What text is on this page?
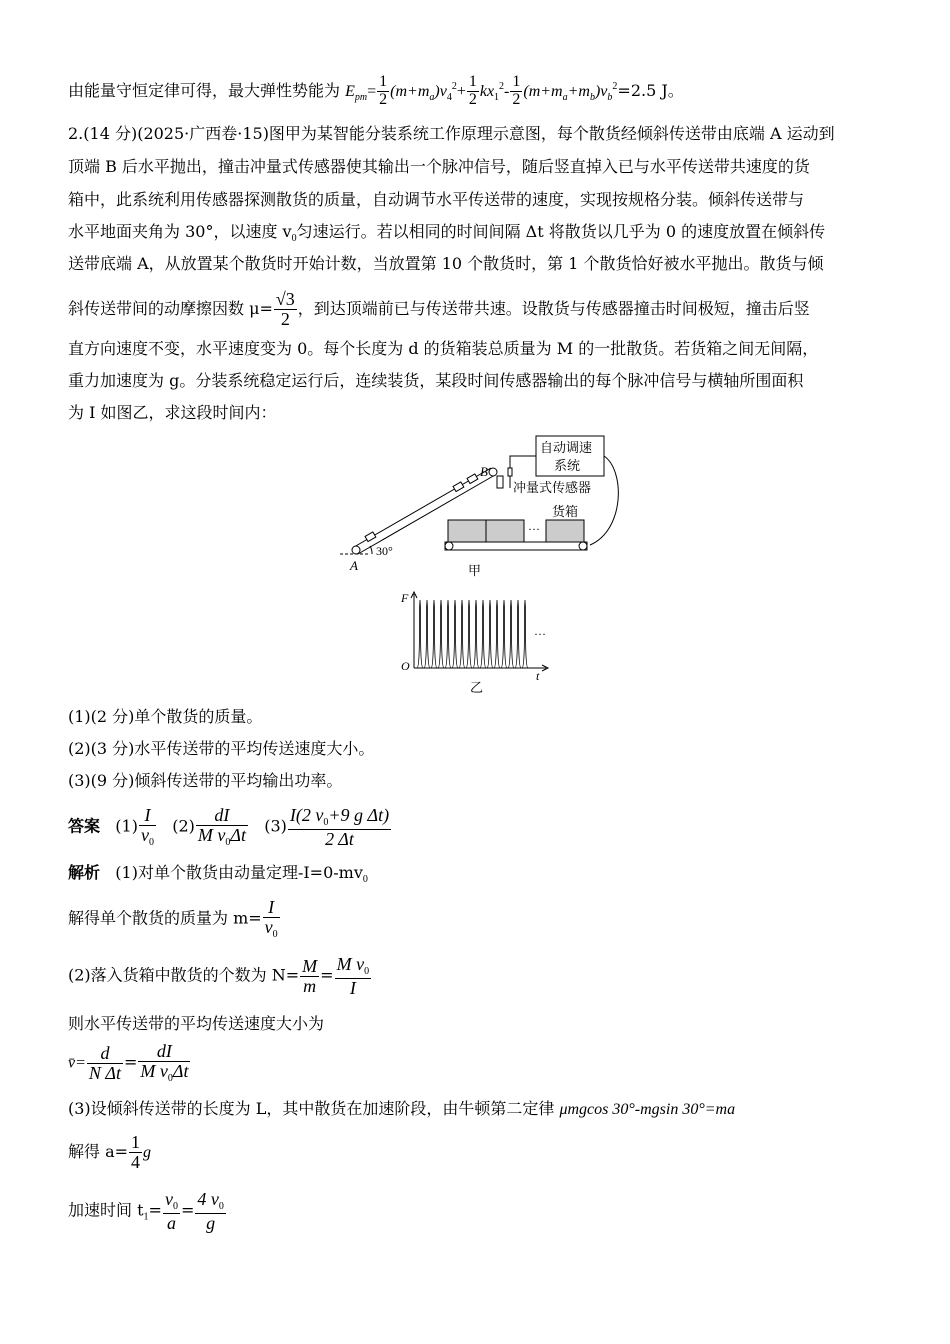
由能量守恒定律可得，最大弹性势能为 $E_{pm}= \frac{1}{2} (m+m_a)v_4^2+ \frac{1}{2} kx_1^2- \frac{1}{2} (m+m_a+m_b)v_b^2=2.5$ J。
2.(14 分)(2025·广西卷·15)图甲为某智能分装系统工作原理示意图，每个散货经倾斜传送带由底端 A 运动到
顶端 B 后水平抛出，撞击冲量式传感器使其输出一个脉冲信号，随后竖直掉入已与水平传送带共速度的货
箱中，此系统利用传感器探测散货的质量，自动调节水平传送带的速度，实现按规格分装。倾斜传送带与
水平地面夹角为 30°，以速度 $v_0$匀速运行。若以相同的时间间隔 Δt 将散货以几乎为 0 的速度放置在倾斜传
送带底端 A，从放置某个散货时开始计数，当放置第 10 个散货时，第 1 个散货恰好被水平抛出。散货与倾
斜传送带间的动摩擦因数 $\mu= \frac{√3}{2}$ ，到达顶端前已与传送带共速。设散货与传感器撞击时间极短，撞击后竖
直方向速度不变，水平速度变为 0。每个长度为 d 的货箱装总质量为 M 的一批散货。若货箱之间无间隔，
重力加速度为 g。分装系统稳定运行后，连续装货，某段时间传感器输出的每个脉冲信号与横轴所围面积
为 I 如图乙，求这段时间内：
30°
A
B
冲量式传感器
自动调速
系统
货箱
···
甲
F
O
t
···
乙
(1)(2 分)单个散货的质量。
(2)(3 分)水平传送带的平均传送速度大小。
(3)(9 分)倾斜传送带的平均输出功率。
答案 $(1) \frac{I}{v_0} (2) \frac{dI}{M v_0\Delta t} (3) \frac{I(2 v_0+9 g \Delta t)}{2 \Delta t}$
解析 (1)对单个散货由动量定理$-I=0-mv_0$
解得单个散货的质量为 $m= \frac{I}{v_0}$
(2)落入货箱中散货的个数为 $N= \frac{M}{m} = \frac{M v_0}{I}$
则水平传送带的平均传送速度大小为
v̄= $\frac{d}{\text{N Δt}} = \frac{dI}{M v_0\Delta t}$
(3)设倾斜传送带的长度为 L，其中散货在加速阶段，由牛顿第二定律 μmgcos 30°-mgsin 30°=ma
解得 $a= \frac{1}{4}$ g
加速时间 $t_1= \frac{v_0}{a} = \frac{4 v_0}{g}$
